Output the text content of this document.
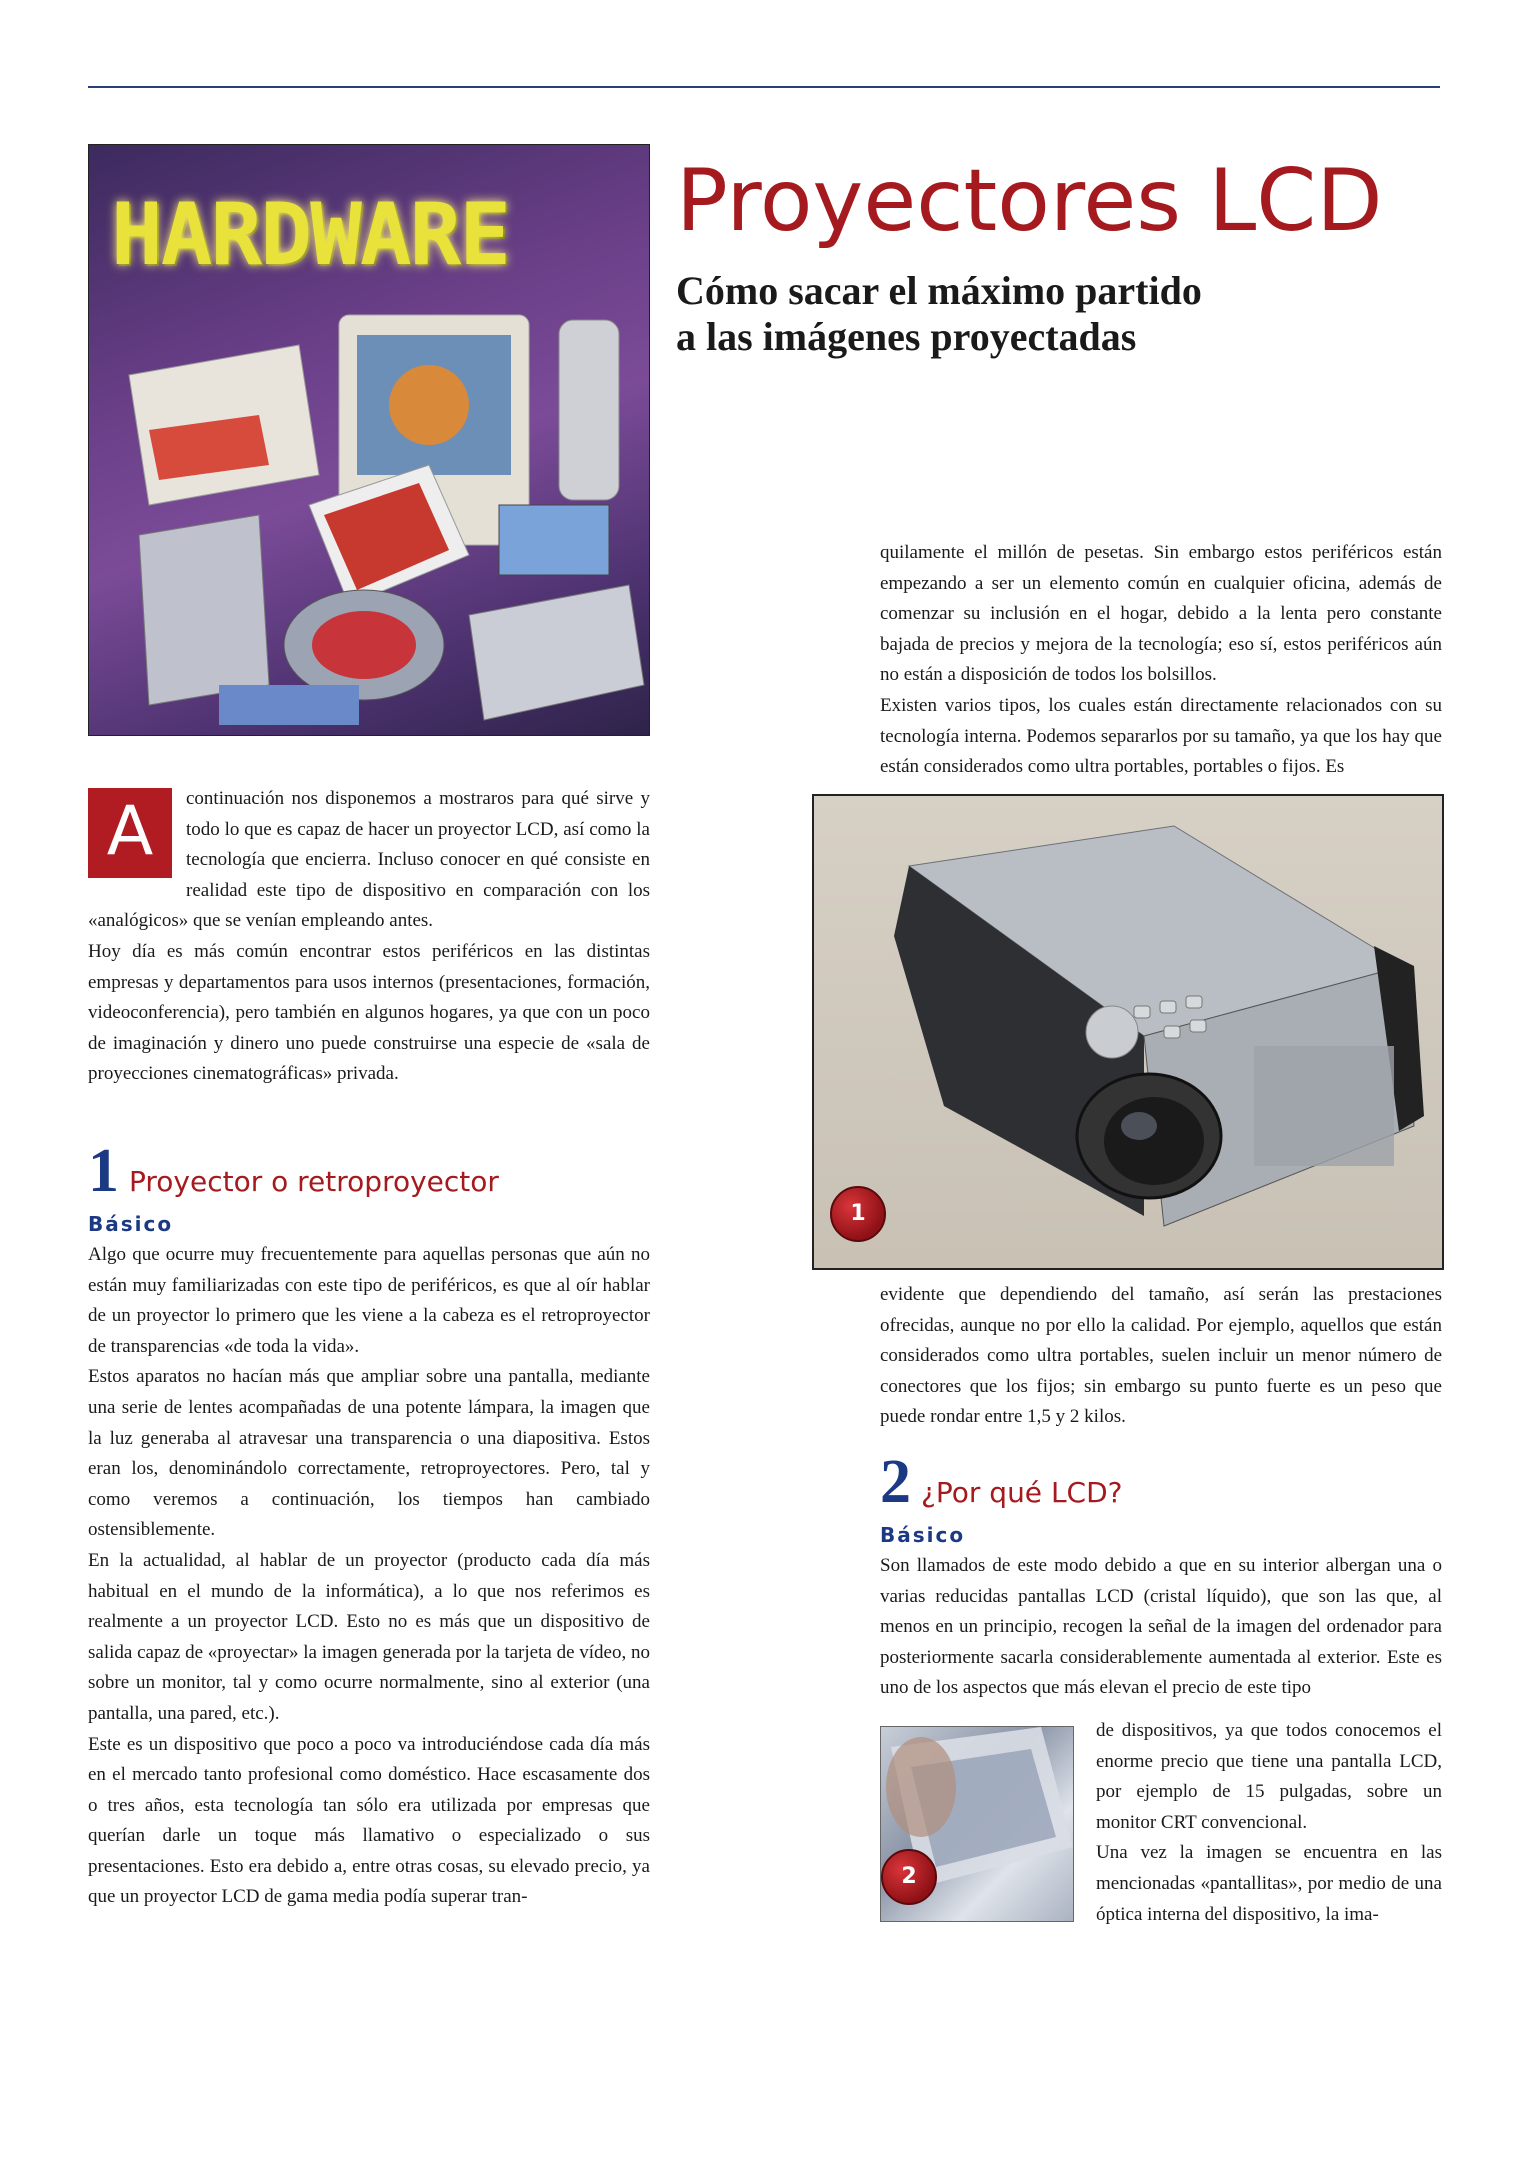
HARDWARE	Proyectores LCD
Cómo sacar el máximo partido
a las imágenes proyectadas
A	continuación nos disponemos a mostraros para qué sirve y todo lo que es capaz de hacer un proyector LCD, así como la tecnología que encierra. Incluso conocer en qué consiste en realidad este tipo de dispositivo en comparación con los «analógicos» que se venían empleando antes.

Hoy día es más común encontrar estos periféricos en las distintas empresas y departamentos para usos internos (presentaciones, formación, videoconferencia), pero también en algunos hogares, ya que con un poco de imaginación y dinero uno puede construirse una especie de «sala de proyecciones cinematográficas» privada.

1 Proyector o retroproyector
Básico

Algo que ocurre muy frecuentemente para aquellas personas que aún no están muy familiarizadas con este tipo de periféricos, es que al oír hablar de un proyector lo primero que les viene a la cabeza es el retroproyector de transparencias «de toda la vida».

Estos aparatos no hacían más que ampliar sobre una pantalla, mediante una serie de lentes acompañadas de una potente lámpara, la imagen que la luz generaba al atravesar una transparencia o una diapositiva. Estos eran los, denominándolo correctamente, retroproyectores. Pero, tal y como veremos a continuación, los tiempos han cambiado ostensiblemente.

En la actualidad, al hablar de un proyector (producto cada día más habitual en el mundo de la informática), a lo que nos referimos es realmente a un proyector LCD. Esto no es más que un dispositivo de salida capaz de «proyectar» la imagen generada por la tarjeta de vídeo, no sobre un monitor, tal y como ocurre normalmente, sino al exterior (una pantalla, una pared, etc.).

Este es un dispositivo que poco a poco va introduciéndose cada día más en el mercado tanto profesional como doméstico. Hace escasamente dos o tres años, esta tecnología tan sólo era utilizada por empresas que querían darle un toque más llamativo o especializado o sus presentaciones. Esto era debido a, entre otras cosas, su elevado precio, ya que un proyector LCD de gama media podía superar tran-

quilamente el millón de pesetas. Sin embargo estos periféricos están empezando a ser un elemento común en cualquier oficina, además de comenzar su inclusión en el hogar, debido a la lenta pero constante bajada de precios y mejora de la tecnología; eso sí, estos periféricos aún no están a disposición de todos los bolsillos.

Existen varios tipos, los cuales están directamente relacionados con su tecnología interna. Podemos separarlos por su tamaño, ya que los hay que están considerados como ultra portables, portables o fijos. Es

1

evidente que dependiendo del tamaño, así serán las prestaciones ofrecidas, aunque no por ello la calidad. Por ejemplo, aquellos que están considerados como ultra portables, suelen incluir un menor número de conectores que los fijos; sin embargo su punto fuerte es un peso que puede rondar entre 1,5 y 2 kilos.

2 ¿Por qué LCD?
Básico

Son llamados de este modo debido a que en su interior albergan una o varias reducidas pantallas LCD (cristal líquido), que son las que, al menos en un principio, recogen la señal de la imagen del ordenador para posteriormente sacarla considerablemente aumentada al exterior. Este es uno de los aspectos que más elevan el precio de este tipo

2

de dispositivos, ya que todos conocemos el enorme precio que tiene una pantalla LCD, por ejemplo de 15 pulgadas, sobre un monitor CRT convencional.

Una vez la imagen se encuentra en las mencionadas «pantallitas», por medio de una óptica interna del dispositivo, la ima-
